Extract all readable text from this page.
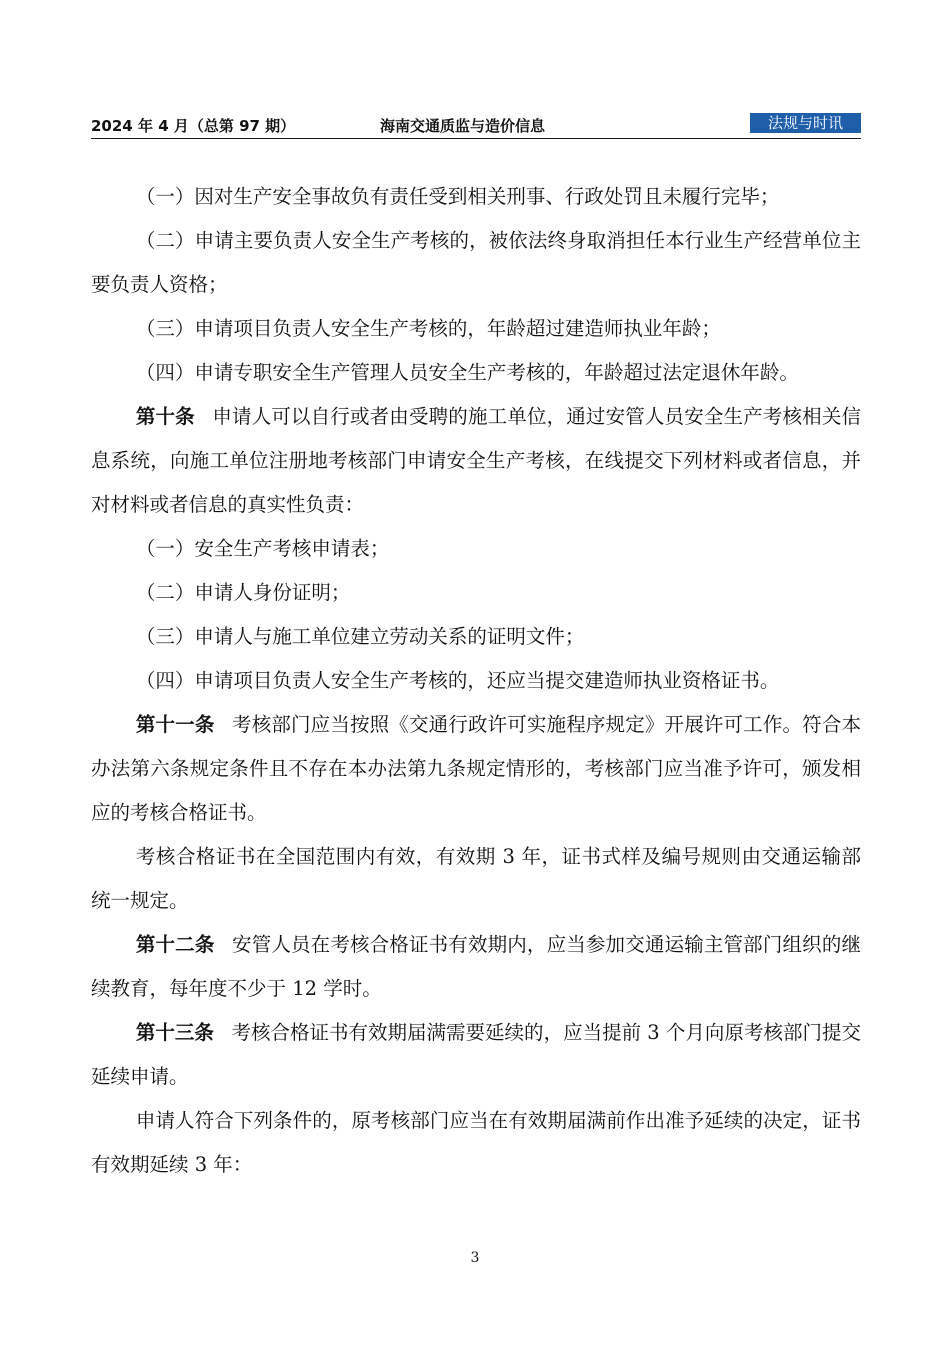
2024 年 4 月（总第 97 期）	海南交通质监与造价信息	法规与时讯

（一）因对生产安全事故负有责任受到相关刑事、行政处罚且未履行完毕；

（二）申请主要负责人安全生产考核的，被依法终身取消担任本行业生产经营单位主要负责人资格；

（三）申请项目负责人安全生产考核的，年龄超过建造师执业年龄；

（四）申请专职安全生产管理人员安全生产考核的，年龄超过法定退休年龄。

第十条 申请人可以自行或者由受聘的施工单位，通过安管人员安全生产考核相关信息系统，向施工单位注册地考核部门申请安全生产考核，在线提交下列材料或者信息，并对材料或者信息的真实性负责：

（一）安全生产考核申请表；

（二）申请人身份证明；

（三）申请人与施工单位建立劳动关系的证明文件；

（四）申请项目负责人安全生产考核的，还应当提交建造师执业资格证书。

第十一条 考核部门应当按照《交通行政许可实施程序规定》开展许可工作。符合本办法第六条规定条件且不存在本办法第九条规定情形的，考核部门应当准予许可，颁发相应的考核合格证书。

考核合格证书在全国范围内有效，有效期 3 年，证书式样及编号规则由交通运输部统一规定。

第十二条 安管人员在考核合格证书有效期内，应当参加交通运输主管部门组织的继续教育，每年度不少于 12 学时。

第十三条 考核合格证书有效期届满需要延续的，应当提前 3 个月向原考核部门提交延续申请。

申请人符合下列条件的，原考核部门应当在有效期届满前作出准予延续的决定，证书有效期延续 3 年：

3
